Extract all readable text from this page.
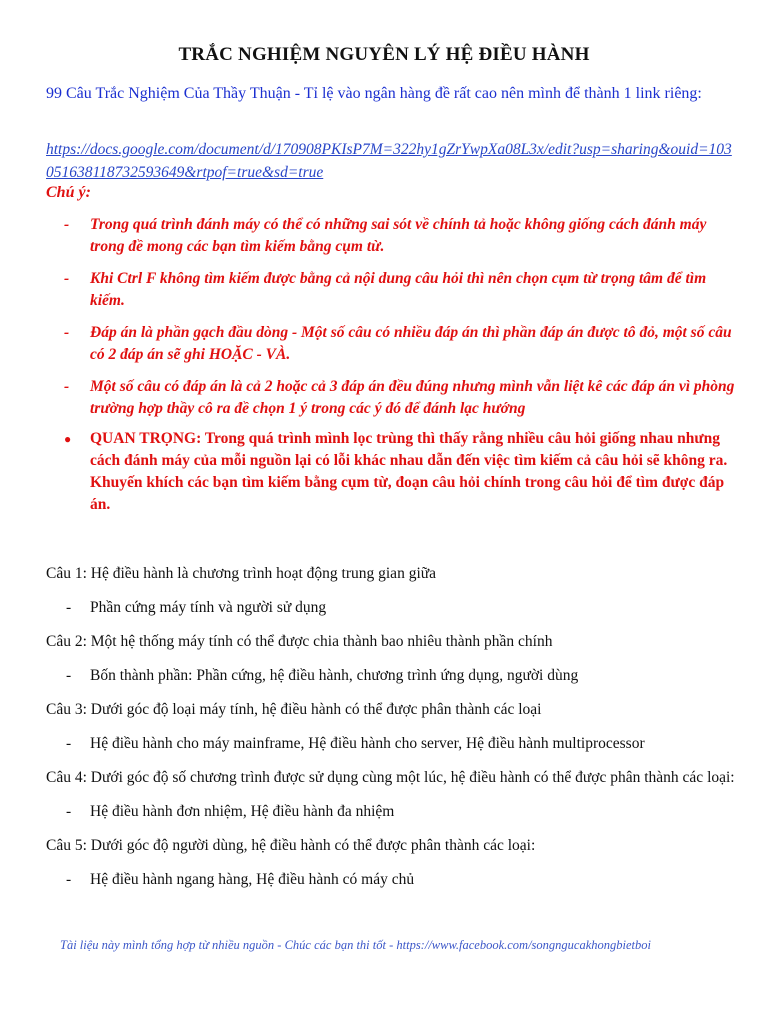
TRẮC NGHIỆM NGUYÊN LÝ HỆ ĐIỀU HÀNH
99 Câu Trắc Nghiệm Của Thầy Thuận - Tỉ lệ vào ngân hàng đề rất cao nên mình để thành 1 link riêng:
https://docs.google.com/document/d/170908PKIsP7M=322hy1gZrYwpXa08L3x/edit?usp=sharing&ouid=103051638118732593649&rtpof=true&sd=true
Chú ý:
-	Trong quá trình đánh máy có thể có những sai sót về chính tả hoặc không giống cách đánh máy trong đề mong các bạn tìm kiếm bằng cụm từ.
-	Khi Ctrl F không tìm kiếm được bằng cả nội dung câu hỏi thì nên chọn cụm từ trọng tâm để tìm kiếm.
-	Đáp án là phần gạch đầu dòng - Một số câu có nhiều đáp án thì phần đáp án được tô đỏ, một số câu có 2 đáp án sẽ ghi HOẶC - VÀ.
-	Một số câu có đáp án là cả 2 hoặc cả 3 đáp án đều đúng nhưng mình vẫn liệt kê các đáp án vì phòng trường hợp thầy cô ra đề chọn 1 ý trong các ý đó để đánh lạc hướng
●	QUAN TRỌNG: Trong quá trình mình lọc trùng thì thấy rằng nhiều câu hỏi giống nhau nhưng cách đánh máy của mỗi nguồn lại có lỗi khác nhau dẫn đến việc tìm kiếm cả câu hỏi sẽ không ra. Khuyến khích các bạn tìm kiếm bằng cụm từ, đoạn câu hỏi chính trong câu hỏi để tìm được đáp án.
Câu 1: Hệ điều hành là chương trình hoạt động trung gian giữa
-	Phần cứng máy tính và người sử dụng
Câu 2: Một hệ thống máy tính có thể được chia thành bao nhiêu thành phần chính
-	Bốn thành phần: Phần cứng, hệ điều hành, chương trình ứng dụng, người dùng
Câu 3: Dưới góc độ loại máy tính, hệ điều hành có thể được phân thành các loại
-	Hệ điều hành cho máy mainframe, Hệ điều hành cho server, Hệ điều hành multiprocessor
Câu 4: Dưới góc độ số chương trình được sử dụng cùng một lúc, hệ điều hành có thể được phân thành các loại:
-	Hệ điều hành đơn nhiệm, Hệ điều hành đa nhiệm
Câu 5: Dưới góc độ người dùng, hệ điều hành có thể được phân thành các loại:
-	Hệ điều hành ngang hàng, Hệ điều hành có máy chủ
Tài liệu này mình tổng hợp từ nhiều nguồn - Chúc các bạn thi tốt - https://www.facebook.com/songngucakhongbietboi
